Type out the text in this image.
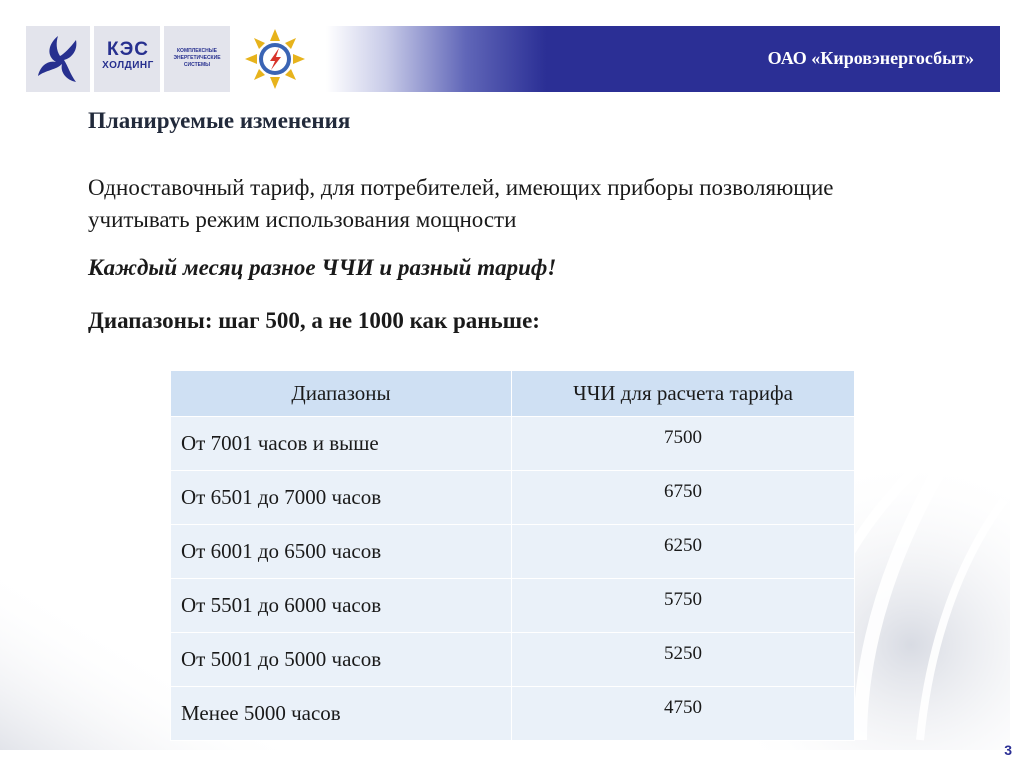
КЭС
ХОЛДИНГ
КОМПЛЕКСНЫЕ
ЭНЕРГЕТИЧЕСКИЕ
СИСТЕМЫ	ОАО «Кировэнергосбыт»
Планируемые изменения
Одноставочный тариф, для потребителей, имеющих приборы позволяющие учитывать режим использования мощности
Каждый месяц разное ЧЧИ и разный тариф!
Диапазоны: шаг 500, а не 1000 как раньше:
Диапазоны	ЧЧИ для расчета тарифа
От 7001 часов и выше	7500
От 6501 до 7000 часов	6750
От 6001 до 6500 часов	6250
От 5501 до 6000 часов	5750
От 5001 до 5000 часов	5250
Менее 5000 часов	4750
3
